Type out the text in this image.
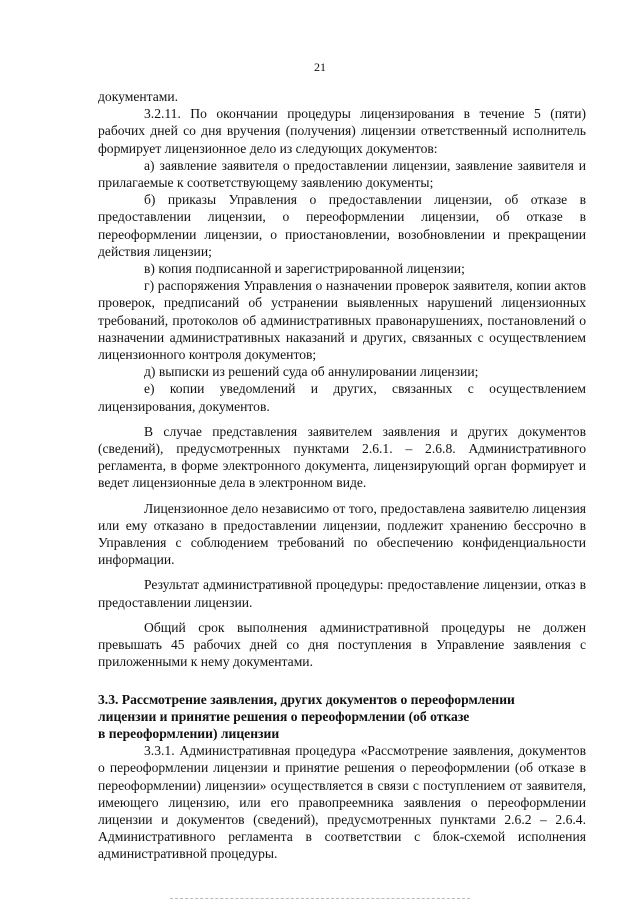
21

документами.

3.2.11. По окончании процедуры лицензирования в течение 5 (пяти) рабочих дней со дня вручения (получения) лицензии ответственный исполнитель формирует лицензионное дело из следующих документов:

а) заявление заявителя о предоставлении лицензии, заявление заявителя и прилагаемые к соответствующему заявлению документы;

б) приказы Управления о предоставлении лицензии, об отказе в предоставлении лицензии, о переоформлении лицензии, об отказе в переоформлении лицензии, о приостановлении, возобновлении и прекращении действия лицензии;

в) копия подписанной и зарегистрированной лицензии;

г) распоряжения Управления о назначении проверок заявителя, копии актов проверок, предписаний об устранении выявленных нарушений лицензионных требований, протоколов об административных правонарушениях, постановлений о назначении административных наказаний и других, связанных с осуществлением лицензионного контроля документов;

д) выписки из решений суда об аннулировании лицензии;

е) копии уведомлений и других, связанных с осуществлением лицензирования, документов.

В случае представления заявителем заявления и других документов (сведений), предусмотренных пунктами 2.6.1. – 2.6.8. Административного регламента, в форме электронного документа, лицензирующий орган формирует и ведет лицензионные дела в электронном виде.

Лицензионное дело независимо от того, предоставлена заявителю лицензия или ему отказано в предоставлении лицензии, подлежит хранению бессрочно в Управления с соблюдением требований по обеспечению конфиденциальности информации.

Результат административной процедуры: предоставление лицензии, отказ в предоставлении лицензии.

Общий срок выполнения административной процедуры не должен превышать 45 рабочих дней со дня поступления в Управление заявления с приложенными к нему документами.

3.3. Рассмотрение заявления, других документов о переоформлении
лицензии и принятие решения о переоформлении (об отказе
в переоформлении) лицензии

3.3.1. Административная процедура «Рассмотрение заявления, документов о переоформлении лицензии и принятие решения о переоформлении (об отказе в переоформлении) лицензии» осуществляется в связи с поступлением от заявителя, имеющего лицензию, или его правопреемника заявления о переоформлении лицензии и документов (сведений), предусмотренных пунктами 2.6.2 – 2.6.4. Административного регламента в соответствии с блок-схемой исполнения административной процедуры.
